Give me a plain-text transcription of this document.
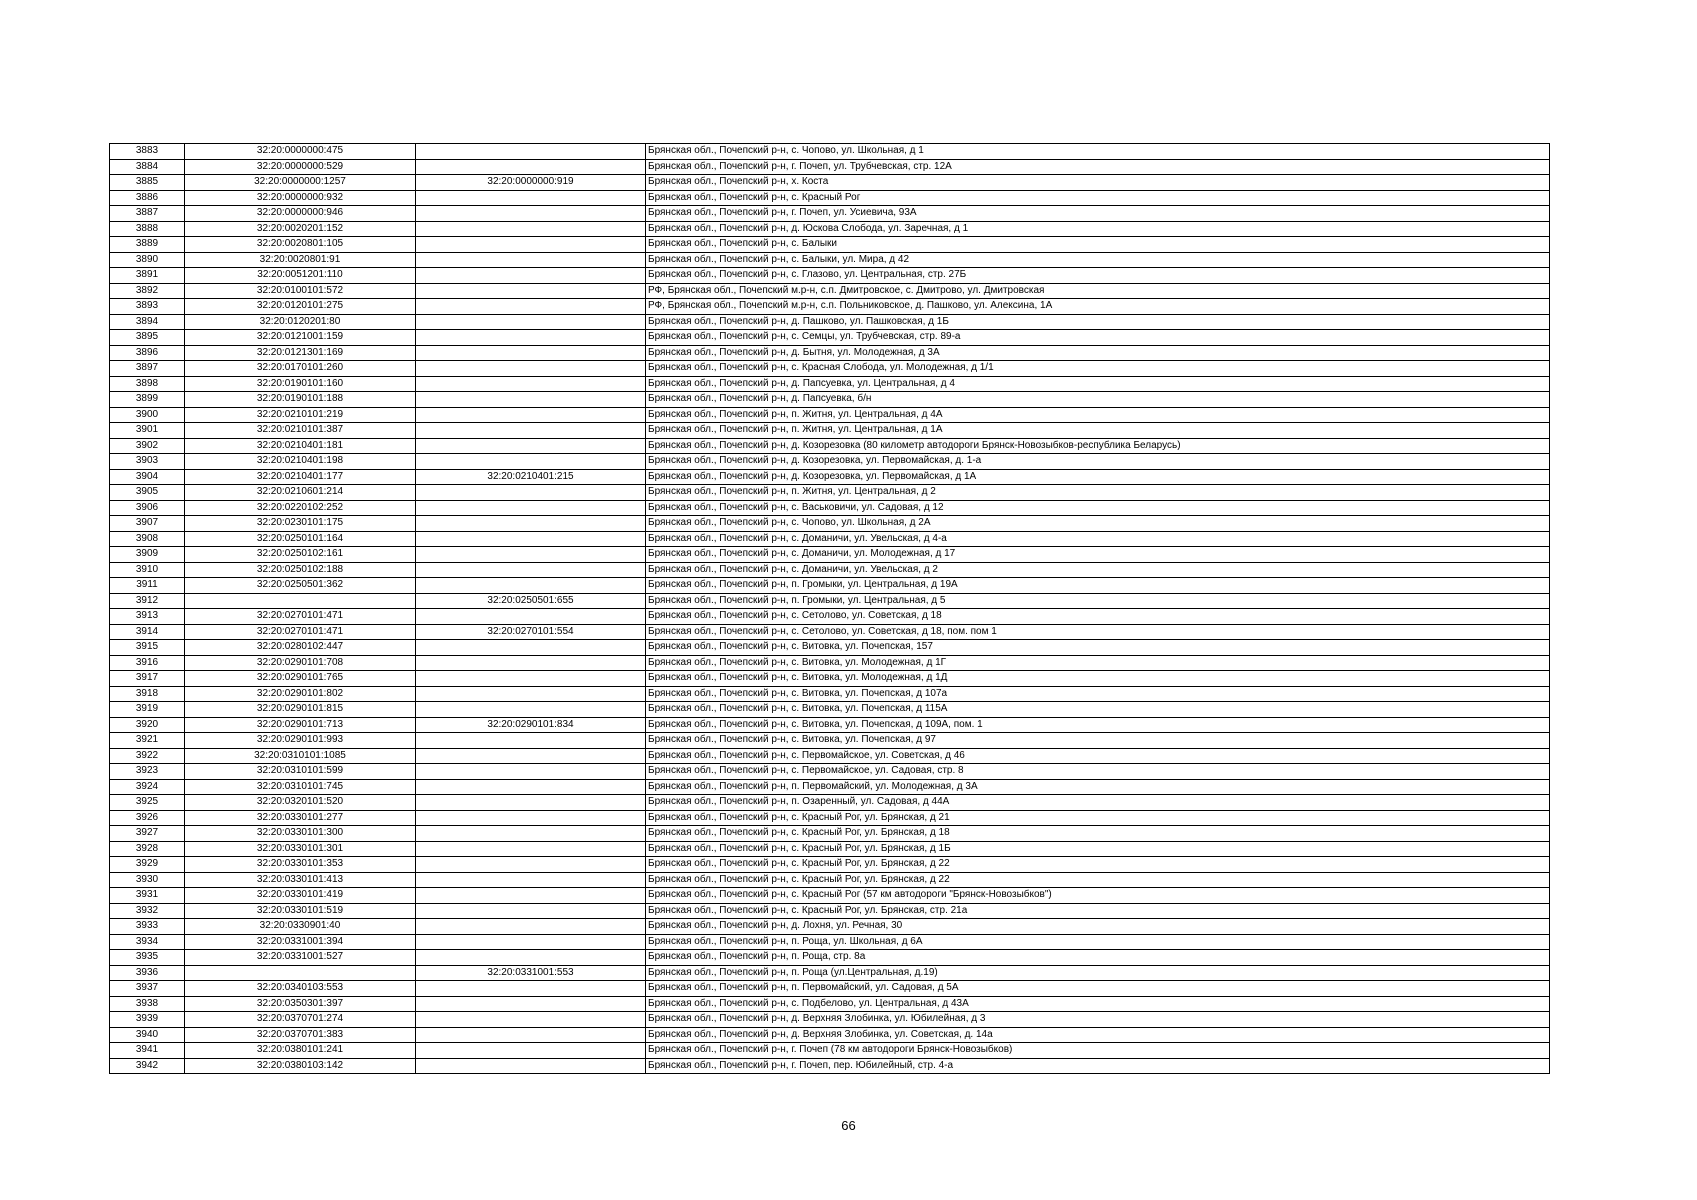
3883	32:20:0000000:475		Брянская обл., Почепский р-н, с. Чопово, ул. Школьная, д 1
3884	32:20:0000000:529		Брянская обл., Почепский р-н, г. Почеп, ул. Трубчевская, стр. 12А
3885	32:20:0000000:1257	32:20:0000000:919	Брянская обл., Почепский р-н, х. Коста
3886	32:20:0000000:932		Брянская обл., Почепский р-н, с. Красный Рог
3887	32:20:0000000:946		Брянская обл., Почепский р-н, г. Почеп, ул. Усиевича, 93А
3888	32:20:0020201:152		Брянская обл., Почепский р-н, д. Юскова Слобода, ул. Заречная, д 1
3889	32:20:0020801:105		Брянская обл., Почепский р-н, с. Балыки
3890	32:20:0020801:91		Брянская обл., Почепский р-н, с. Балыки, ул. Мира, д 42
3891	32:20:0051201:110		Брянская обл., Почепский р-н, с. Глазово, ул. Центральная, стр. 27Б
3892	32:20:0100101:572		РФ, Брянская обл., Почепский м.р-н, с.п. Дмитровское, с. Дмитрово, ул. Дмитровская
3893	32:20:0120101:275		РФ, Брянская обл., Почепский м.р-н, с.п. Польниковское, д. Пашково, ул. Алексина, 1А
3894	32:20:0120201:80		Брянская обл., Почепский р-н, д. Пашково, ул. Пашковская, д 1Б
3895	32:20:0121001:159		Брянская обл., Почепский р-н, с. Семцы, ул. Трубчевская, стр. 89-а
3896	32:20:0121301:169		Брянская обл., Почепский р-н, д. Бытня, ул. Молодежная, д 3А
3897	32:20:0170101:260		Брянская обл., Почепский р-н, с. Красная Слобода, ул. Молодежная, д 1/1
3898	32:20:0190101:160		Брянская обл., Почепский р-н, д. Папсуевка, ул. Центральная, д 4
3899	32:20:0190101:188		Брянская обл., Почепский р-н, д. Папсуевка, б/н
3900	32:20:0210101:219		Брянская обл., Почепский р-н, п. Житня, ул. Центральная, д 4А
3901	32:20:0210101:387		Брянская обл., Почепский р-н, п. Житня, ул. Центральная, д 1А
3902	32:20:0210401:181		Брянская обл., Почепский р-н, д. Козорезовка (80 километр автодороги Брянск-Новозыбков-республика Беларусь)
3903	32:20:0210401:198		Брянская обл., Почепский р-н, д. Козорезовка, ул. Первомайская, д. 1-а
3904	32:20:0210401:177	32:20:0210401:215	Брянская обл., Почепский р-н, д. Козорезовка, ул. Первомайская, д 1А
3905	32:20:0210601:214		Брянская обл., Почепский р-н, п. Житня, ул. Центральная, д 2
3906	32:20:0220102:252		Брянская обл., Почепский р-н, с. Васьковичи, ул. Садовая, д 12
3907	32:20:0230101:175		Брянская обл., Почепский р-н, с. Чопово, ул. Школьная, д 2А
3908	32:20:0250101:164		Брянская обл., Почепский р-н, с. Доманичи, ул. Увельская, д 4-а
3909	32:20:0250102:161		Брянская обл., Почепский р-н, с. Доманичи, ул. Молодежная, д 17
3910	32:20:0250102:188		Брянская обл., Почепский р-н, с. Доманичи, ул. Увельская, д 2
3911	32:20:0250501:362		Брянская обл., Почепский р-н, п. Громыки, ул. Центральная, д 19А
3912		32:20:0250501:655	Брянская обл., Почепский р-н, п. Громыки, ул. Центральная, д 5
3913	32:20:0270101:471		Брянская обл., Почепский р-н, с. Сетолово, ул. Советская, д 18
3914	32:20:0270101:471	32:20:0270101:554	Брянская обл., Почепский р-н, с. Сетолово, ул. Советская, д 18, пом. пом 1
3915	32:20:0280102:447		Брянская обл., Почепский р-н, с. Витовка, ул. Почепская, 157
3916	32:20:0290101:708		Брянская обл., Почепский р-н, с. Витовка, ул. Молодежная, д 1Г
3917	32:20:0290101:765		Брянская обл., Почепский р-н, с. Витовка, ул. Молодежная, д 1Д
3918	32:20:0290101:802		Брянская обл., Почепский р-н, с. Витовка, ул. Почепская, д 107а
3919	32:20:0290101:815		Брянская обл., Почепский р-н, с. Витовка, ул. Почепская, д 115А
3920	32:20:0290101:713	32:20:0290101:834	Брянская обл., Почепский р-н, с. Витовка, ул. Почепская, д 109А, пом. 1
3921	32:20:0290101:993		Брянская обл., Почепский р-н, с. Витовка, ул. Почепская, д 97
3922	32:20:0310101:1085		Брянская обл., Почепский р-н, с. Первомайское, ул. Советская, д 46
3923	32:20:0310101:599		Брянская обл., Почепский р-н, с. Первомайское, ул. Садовая, стр. 8
3924	32:20:0310101:745		Брянская обл., Почепский р-н, п. Первомайский, ул. Молодежная, д 3А
3925	32:20:0320101:520		Брянская обл., Почепский р-н, п. Озаренный, ул. Садовая, д 44А
3926	32:20:0330101:277		Брянская обл., Почепский р-н, с. Красный Рог, ул. Брянская, д 21
3927	32:20:0330101:300		Брянская обл., Почепский р-н, с. Красный Рог, ул. Брянская, д 18
3928	32:20:0330101:301		Брянская обл., Почепский р-н, с. Красный Рог, ул. Брянская, д 1Б
3929	32:20:0330101:353		Брянская обл., Почепский р-н, с. Красный Рог, ул. Брянская, д 22
3930	32:20:0330101:413		Брянская обл., Почепский р-н, с. Красный Рог, ул. Брянская, д 22
3931	32:20:0330101:419		Брянская обл., Почепский р-н, с. Красный Рог (57 км автодороги "Брянск-Новозыбков")
3932	32:20:0330101:519		Брянская обл., Почепский р-н, с. Красный Рог, ул. Брянская, стр. 21а
3933	32:20:0330901:40		Брянская обл., Почепский р-н, д. Лохня, ул. Речная, 30
3934	32:20:0331001:394		Брянская обл., Почепский р-н, п. Роща, ул. Школьная, д 6А
3935	32:20:0331001:527		Брянская обл., Почепский р-н, п. Роща, стр. 8а
3936		32:20:0331001:553	Брянская обл., Почепский р-н, п. Роща (ул.Центральная, д.19)
3937	32:20:0340103:553		Брянская обл., Почепский р-н, п. Первомайский, ул. Садовая, д 5А
3938	32:20:0350301:397		Брянская обл., Почепский р-н, с. Подбелово, ул. Центральная, д 43А
3939	32:20:0370701:274		Брянская обл., Почепский р-н, д. Верхняя Злобинка, ул. Юбилейная, д 3
3940	32:20:0370701:383		Брянская обл., Почепский р-н, д. Верхняя Злобинка, ул. Советская, д. 14а
3941	32:20:0380101:241		Брянская обл., Почепский р-н, г. Почеп (78 км автодороги Брянск-Новозыбков)
3942	32:20:0380103:142		Брянская обл., Почепский р-н, г. Почеп, пер. Юбилейный, стр. 4-а
66
